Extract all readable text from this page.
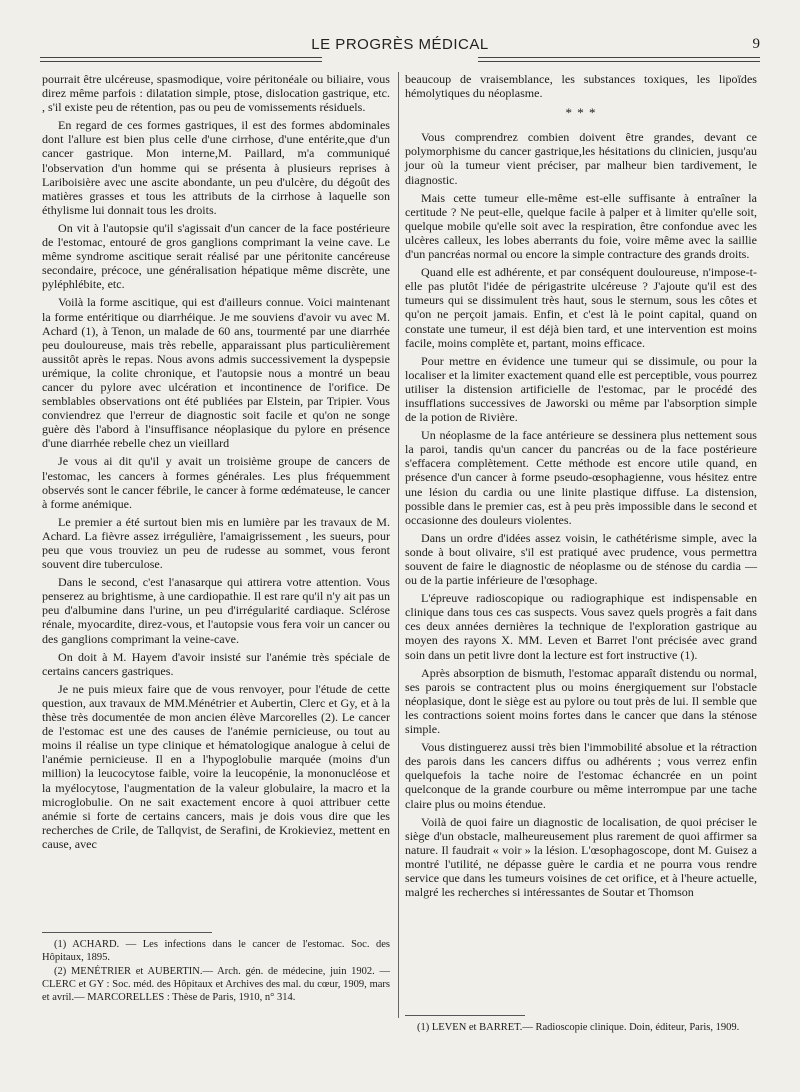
LE PROGRÈS MÉDICAL	9

pourrait être ulcéreuse, spasmodique, voire péritonéale ou biliaire, vous direz même parfois : dilatation simple, ptose, dislocation gastrique, etc. , s'il existe peu de rétention, pas ou peu de vomissements résiduels.

En regard de ces formes gastriques, il est des formes abdominales dont l'allure est bien plus celle d'une cirrhose, d'une entérite,que d'un cancer gastrique. Mon interne,M. Paillard, m'a communiqué l'observation d'un homme qui se présenta à plusieurs reprises à Lariboisière avec une ascite abondante, un peu d'ulcère, du dégoût des matières grasses et tous les attributs de la cirrhose à laquelle son éthylisme lui donnait tous les droits.

On vit à l'autopsie qu'il s'agissait d'un cancer de la face postérieure de l'estomac, entouré de gros ganglions comprimant la veine cave. Le même syndrome ascitique serait réalisé par une péritonite cancéreuse secondaire, précoce, une généralisation hépatique même discrète, une pyléphlébite, etc.

Voilà la forme ascitique, qui est d'ailleurs connue. Voici maintenant la forme entéritique ou diarrhéique. Je me souviens d'avoir vu avec M. Achard (1), à Tenon, un malade de 60 ans, tourmenté par une diarrhée peu douloureuse, mais très rebelle, apparaissant plus particulièrement aussitôt après le repas. Nous avons admis successivement la dyspepsie urémique, la colite chronique, et l'autopsie nous a montré un beau cancer du pylore avec ulcération et incontinence de l'orifice. De semblables observations ont été publiées par Elstein, par Tripier. Vous conviendrez que l'erreur de diagnostic soit facile et qu'on ne songe guère dès l'abord à l'insuffisance néoplasique du pylore en présence d'une diarrhée rebelle chez un vieillard

Je vous ai dit qu'il y avait un troisième groupe de cancers de l'estomac, les cancers à formes générales. Les plus fréquemment observés sont le cancer fébrile, le cancer à forme œdémateuse, le cancer à forme anémique.

Le premier a été surtout bien mis en lumière par les travaux de M. Achard. La fièvre assez irrégulière, l'amaigrissement , les sueurs, pour peu que vous trouviez un peu de rudesse au sommet, vous feront souvent dire tuberculose.

Dans le second, c'est l'anasarque qui attirera votre attention. Vous penserez au brightisme, à une cardiopathie. Il est rare qu'il n'y ait pas un peu d'albumine dans l'urine, un peu d'irrégularité cardiaque. Sclérose rénale, myocardite, direz-vous, et l'autopsie vous fera voir un cancer ou des ganglions comprimant la veine-cave.

On doit à M. Hayem d'avoir insisté sur l'anémie très spéciale de certains cancers gastriques.

Je ne puis mieux faire que de vous renvoyer, pour l'étude de cette question, aux travaux de MM.Ménétrier et Aubertin, Clerc et Gy, et à la thèse très documentée de mon ancien élève Marcorelles (2). Le cancer de l'estomac est une des causes de l'anémie pernicieuse, ou tout au moins il réalise un type clinique et hématologique analogue à celui de l'anémie pernicieuse. Il en a l'hypoglobulie marquée (moins d'un million) la leucocytose faible, voire la leucopénie, la mononucléose et la myélocytose, l'augmentation de la valeur globulaire, la macro et la microglobulie. On ne sait exactement encore à quoi attribuer cette anémie si forte de certains cancers, mais je dois vous dire que les recherches de Crile, de Tallqvist, de Serafini, de Krokieviez, mettent en cause, avec

beaucoup de vraisemblance, les substances toxiques, les lipoïdes hémolytiques du néoplasme.

* * *

Vous comprendrez combien doivent être grandes, devant ce polymorphisme du cancer gastrique,les hésitations du clinicien, jusqu'au jour où la tumeur vient préciser, par malheur bien tardivement, le diagnostic.

Mais cette tumeur elle-même est-elle suffisante à entraîner la certitude ? Ne peut-elle, quelque facile à palper et à limiter qu'elle soit, quelque mobile qu'elle soit avec la respiration, être confondue avec les ulcères calleux, les lobes aberrants du foie, voire même avec la saillie d'un pancréas normal ou encore la simple contracture des grands droits.

Quand elle est adhérente, et par conséquent douloureuse, n'impose-t-elle pas plutôt l'idée de périgastrite ulcéreuse ? J'ajoute qu'il est des tumeurs qui se dissimulent très haut, sous le sternum, sous les côtes et qu'on ne perçoit jamais. Enfin, et c'est là le point capital, quand on constate une tumeur, il est déjà bien tard, et une intervention est moins facile, moins complète et, partant, moins efficace.

Pour mettre en évidence une tumeur qui se dissimule, ou pour la localiser et la limiter exactement quand elle est perceptible, vous pourrez utiliser la distension artificielle de l'estomac, par le procédé des insufflations successives de Jaworski ou même par l'absorption simple de la potion de Rivière.

Un néoplasme de la face antérieure se dessinera plus nettement sous la paroi, tandis qu'un cancer du pancréas ou de la face postérieure s'effacera complètement. Cette méthode est encore utile quand, en présence d'un cancer à forme pseudo-œsophagienne, vous hésitez entre une lésion du cardia ou une linite plastique diffuse. La distension, possible dans le premier cas, est à peu près impossible dans le second et occasionne des douleurs violentes.

Dans un ordre d'idées assez voisin, le cathétérisme simple, avec la sonde à bout olivaire, s'il est pratiqué avec prudence, vous permettra souvent de faire le diagnostic de néoplasme ou de sténose du cardia — ou de la partie inférieure de l'œsophage.

L'épreuve radioscopique ou radiographique est indispensable en clinique dans tous ces cas suspects. Vous savez quels progrès a fait dans ces deux années dernières la technique de l'exploration gastrique au moyen des rayons X. MM. Leven et Barret l'ont précisée avec grand soin dans un petit livre dont la lecture est fort instructive (1).

Après absorption de bismuth, l'estomac apparaît distendu ou normal, ses parois se contractent plus ou moins énergiquement sur l'obstacle néoplasique, dont le siège est au pylore ou tout près de lui. Il semble que les contractions soient moins fortes dans le cancer que dans la sténose simple.

Vous distinguerez aussi très bien l'immobilité absolue et la rétraction des parois dans les cancers diffus ou adhérents ; vous verrez enfin quelquefois la tache noire de l'estomac échancrée en un point quelconque de la grande courbure ou même interrompue par une tache claire plus ou moins étendue.

Voilà de quoi faire un diagnostic de localisation, de quoi préciser le siège d'un obstacle, malheureusement plus rarement de quoi affirmer sa nature. Il faudrait « voir » la lésion. L'œsophagoscope, dont M. Guisez a montré l'utilité, ne dépasse guère le cardia et ne pourra vous rendre service que dans les tumeurs voisines de cet orifice, et à l'heure actuelle, malgré les recherches si intéressantes de Soutar et Thomson

(1) ACHARD. — Les infections dans le cancer de l'estomac. Soc. des Hôpitaux, 1895.

(2) MENÉTRIER et AUBERTIN.— Arch. gén. de médecine, juin 1902. — CLERC et GY : Soc. méd. des Hôpitaux et Archives des mal. du cœur, 1909, mars et avril.— MARCORELLES : Thèse de Paris, 1910, n° 314.

(1) LEVEN et BARRET.— Radioscopie clinique. Doin, éditeur, Paris, 1909.
